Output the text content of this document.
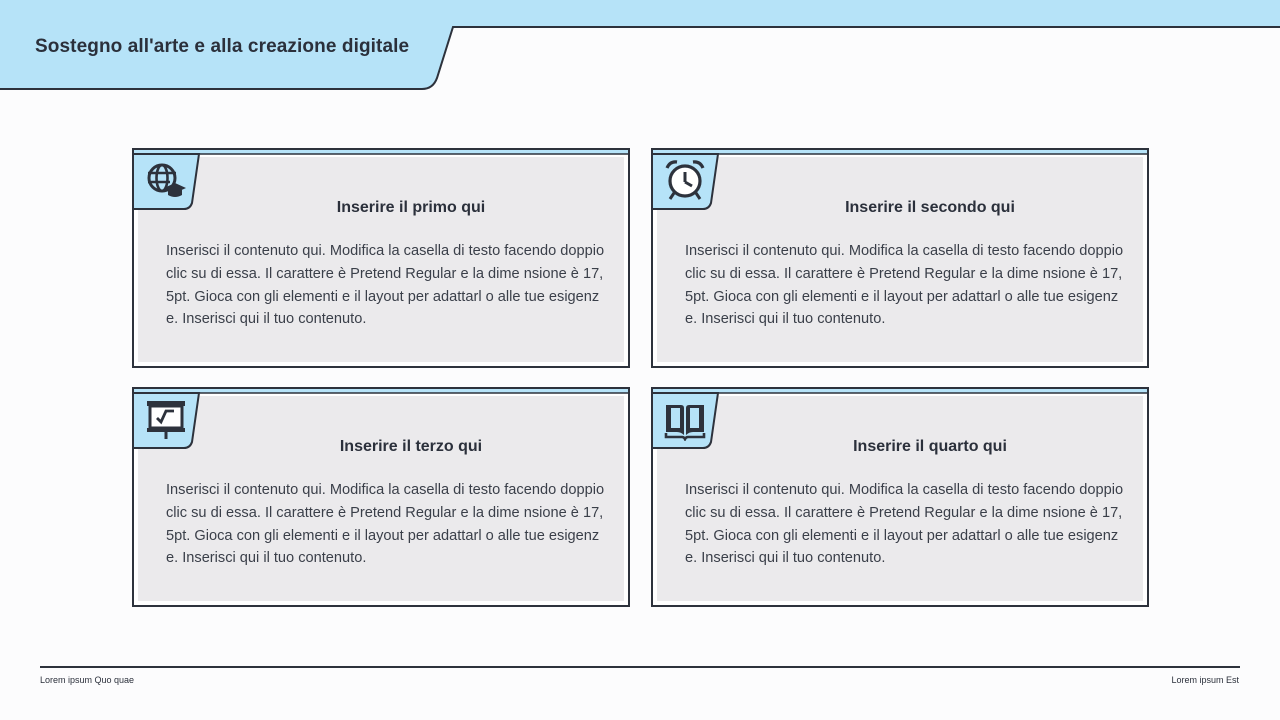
Sostegno all'arte e alla creazione digitale
Inserire il primo qui
Inserisci il contenuto qui. Modifica la casella di testo facendo doppio clic su di essa. Il carattere è Pretend Regular e la dime nsione è 17,5pt. Gioca con gli elementi e il layout per adattarl o alle tue esigenze. Inserisci qui il tuo contenuto.
Inserire il secondo qui
Inserisci il contenuto qui. Modifica la casella di testo facendo doppio clic su di essa. Il carattere è Pretend Regular e la dime nsione è 17,5pt. Gioca con gli elementi e il layout per adattarl o alle tue esigenze. Inserisci qui il tuo contenuto.
Inserire il terzo qui
Inserisci il contenuto qui. Modifica la casella di testo facendo doppio clic su di essa. Il carattere è Pretend Regular e la dime nsione è 17,5pt. Gioca con gli elementi e il layout per adattarl o alle tue esigenze. Inserisci qui il tuo contenuto.
Inserire il quarto qui
Inserisci il contenuto qui. Modifica la casella di testo facendo doppio clic su di essa. Il carattere è Pretend Regular e la dime nsione è 17,5pt. Gioca con gli elementi e il layout per adattarl o alle tue esigenze. Inserisci qui il tuo contenuto.
Lorem ipsum Quo quae	Lorem ipsum Est
